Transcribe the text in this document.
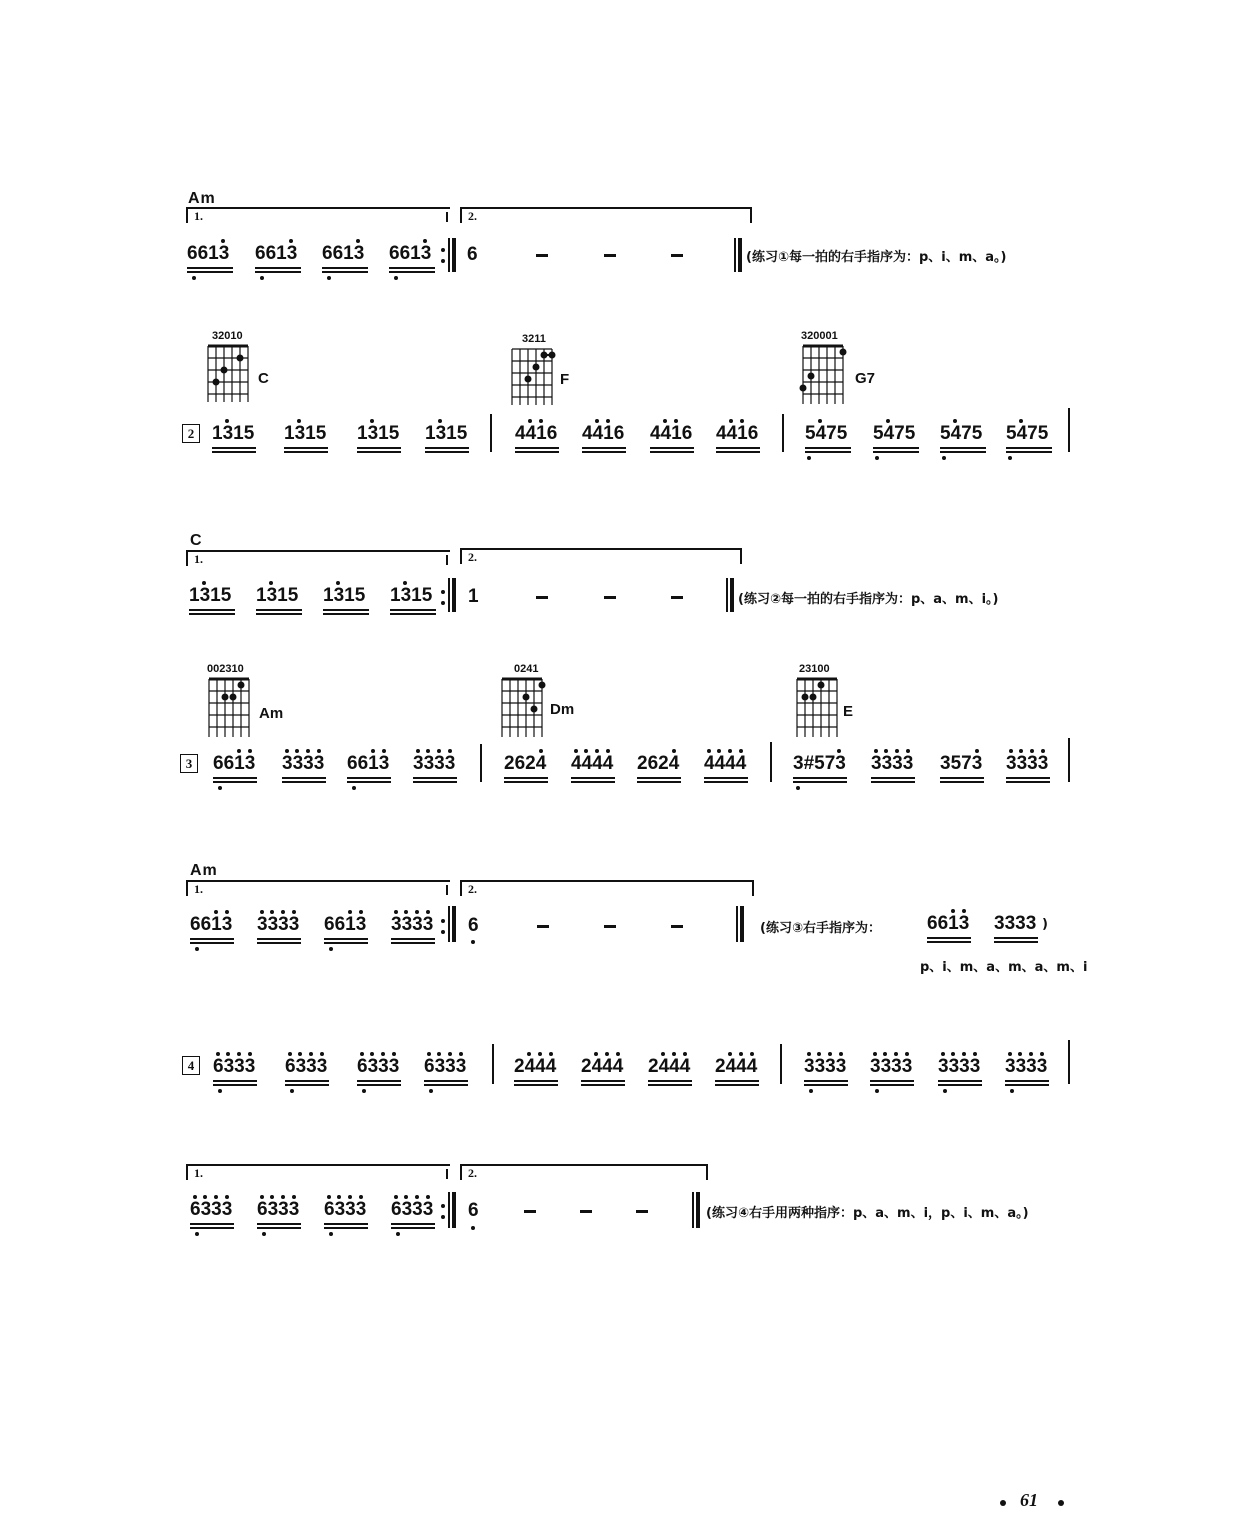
Am
1.	2.
6613 6613 6613 6613 6	(练习①每一拍的右手指序为：p、i、m、a。)
32010
C
3211
F
320001
G7
2 1315 1315 1315 1315	4416 4416 4416 4416 5475 5475 5475 5475
C
1.	2.
1315 1315 1315 1315 1	(练习②每一拍的右手指序为：p、a、m、i。)
002310
Am
0241
Dm
23100
E
3	6613 3333 6613 3333	2624 4444 2624 4444 3#573 3333 3573 3333
Am
1.	2.
6613 3333 6613 3333 6	(练习③右手指序为： 6613 3333 )
p、i、m、a、m、a、m、i
4 6333 6333 6333 6333	2444 2444 2444 2444 3333 3333 3333 3333
1.	2.
6333 6333 6333 6333 6	(练习④右手用两种指序：p、a、m、i，p、i、m、a。)
61
